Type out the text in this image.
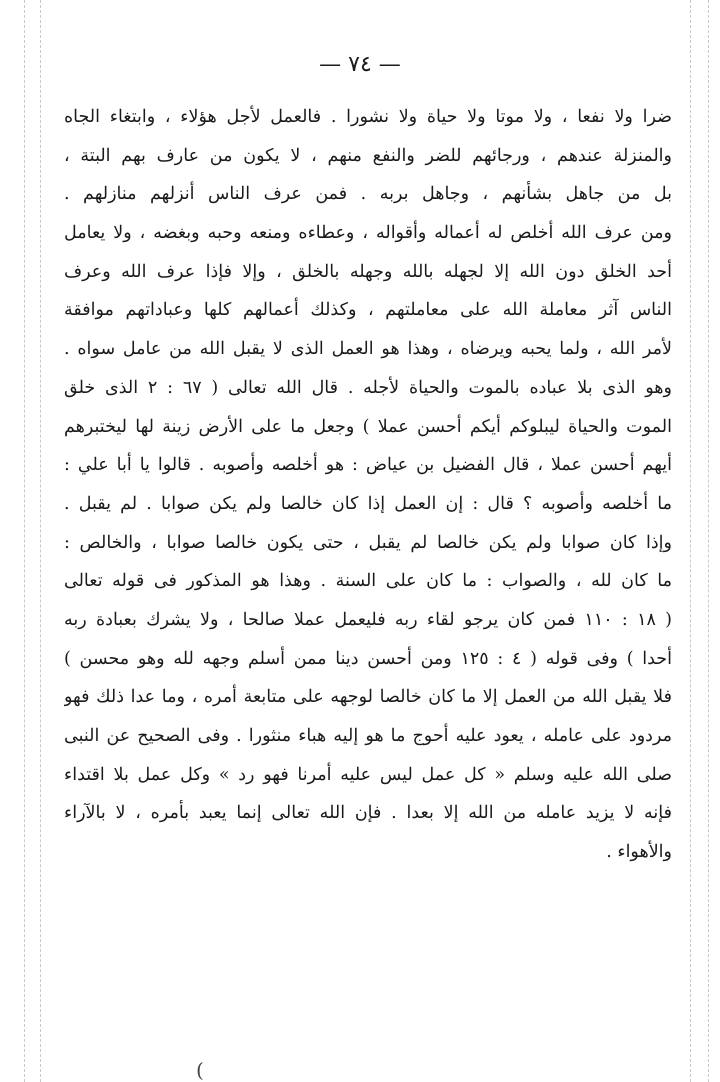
— ٧٤ —
ضرا ولا نفعا ، ولا موتا ولا حياة ولا نشورا . فالعمل لأجل هؤلاء ، وابتغاء الجاه
والمنزلة عندهم ، ورجائهم للضر والنفع منهم ، لا يكون من عارف بهم البتة ،
بل من جاهل بشأنهم ، وجاهل بربه . فمن عرف الناس أنزلهم منازلهم .
ومن عرف الله أخلص له أعماله وأقواله ، وعطاءه ومنعه وحبه وبغضه ، ولا يعامل
أحد الخلق دون الله إلا لجهله بالله وجهله بالخلق ، وإلا فإذا عرف الله وعرف
الناس آثر معاملة الله على معاملتهم ، وكذلك أعمالهم كلها وعباداتهم موافقة
لأمر الله ، ولما يحبه ويرضاه ، وهذا هو العمل الذى لا يقبل الله من عامل سواه .
وهو الذى بلا عباده بالموت والحياة لأجله . قال الله تعالى ( ٦٧ : ٢ الذى خلق
الموت والحياة ليبلوكم أيكم أحسن عملا ) وجعل ما على الأرض زينة لها ليختبرهم
أيهم أحسن عملا ، قال الفضيل بن عياض : هو أخلصه وأصوبه . قالوا يا أبا علي :
ما أخلصه وأصوبه ؟ قال : إن العمل إذا كان خالصا ولم يكن صوابا . لم يقبل .
وإذا كان صوابا ولم يكن خالصا لم يقبل ، حتى يكون خالصا صوابا ، والخالص :
ما كان لله ، والصواب : ما كان على السنة . وهذا هو المذكور فى قوله تعالى
( ١٨ : ١١٠ فمن كان يرجو لقاء ربه فليعمل عملا صالحا ، ولا يشرك بعبادة ربه
أحدا ) وفى قوله ( ٤ : ١٢٥ ومن أحسن دينا ممن أسلم وجهه لله وهو محسن )
فلا يقبل الله من العمل إلا ما كان خالصا لوجهه على متابعة أمره ، وما عدا ذلك فهو
مردود على عامله ، يعود عليه أحوج ما هو إليه هباء منثورا . وفى الصحيح عن النبى
صلى الله عليه وسلم « كل عمل ليس عليه أمرنا فهو رد » وكل عمل بلا اقتداء
فإنه لا يزيد عامله من الله إلا بعدا . فإن الله تعالى إنما يعبد بأمره ، لا بالآراء
والأهواء .
(
